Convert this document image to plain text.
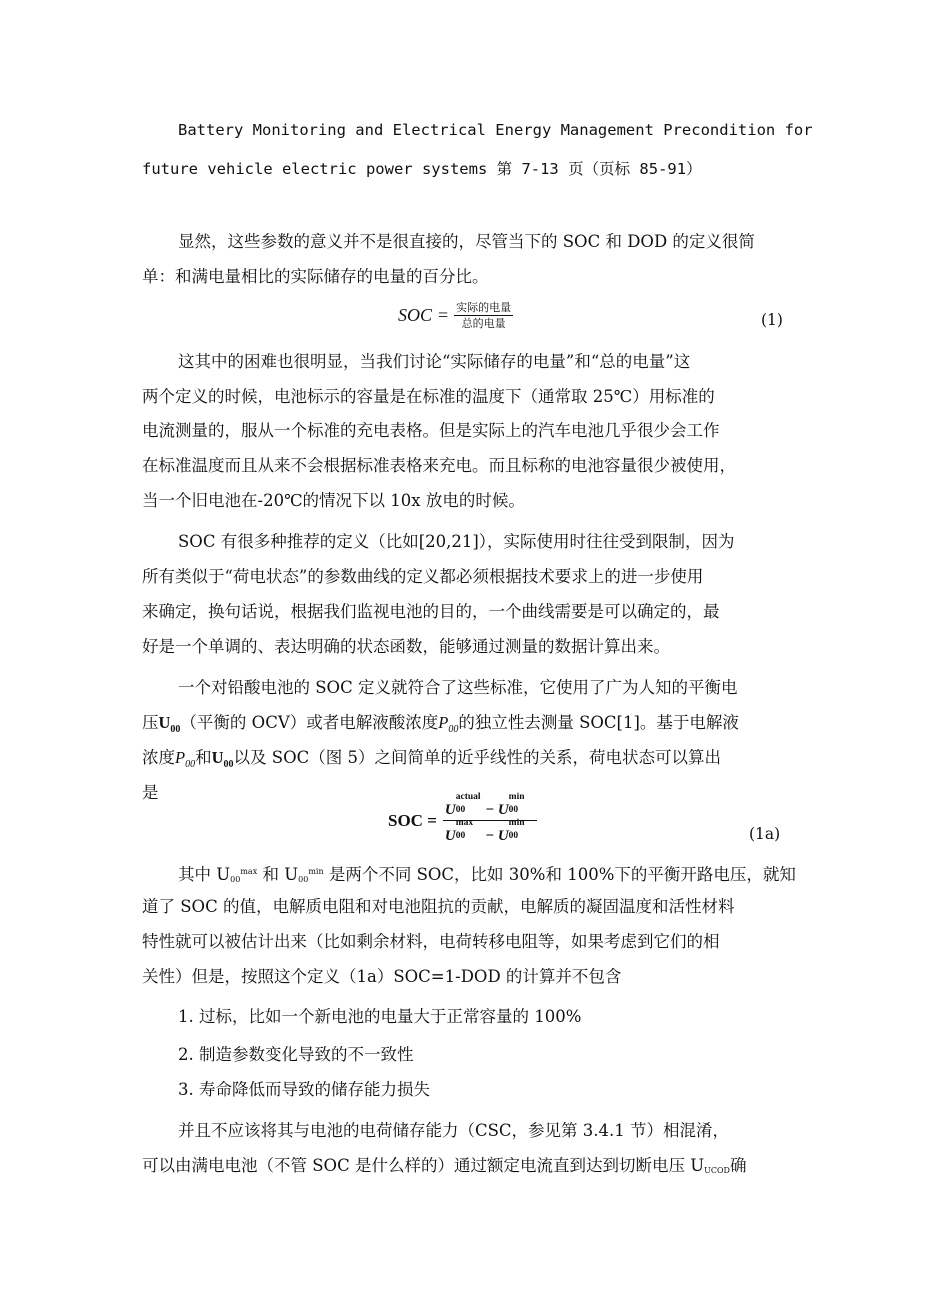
Battery Monitoring and Electrical Energy Management Precondition for
future vehicle electric power systems 第 7-13 页（页标 85-91）
显然，这些参数的意义并不是很直接的，尽管当下的 SOC 和 DOD 的定义很简
单：和满电量相比的实际储存的电量的百分比。
SOC = $\frac{\text{实际的电量}}{\text{总的电量}}$	(1)
这其中的困难也很明显，当我们讨论“实际储存的电量”和“总的电量”这
两个定义的时候，电池标示的容量是在标准的温度下（通常取 25℃）用标准的
电流测量的，服从一个标准的充电表格。但是实际上的汽车电池几乎很少会工作
在标准温度而且从来不会根据标准表格来充电。而且标称的电池容量很少被使用，
当一个旧电池在-20℃的情况下以 10x 放电的时候。
SOC 有很多种推荐的定义（比如[20,21]），实际使用时往往受到限制，因为
所有类似于“荷电状态”的参数曲线的定义都必须根据技术要求上的进一步使用
来确定，换句话说，根据我们监视电池的目的，一个曲线需要是可以确定的，最
好是一个单调的、表达明确的状态函数，能够通过测量的数据计算出来。
一个对铅酸电池的 SOC 定义就符合了这些标准，它使用了广为人知的平衡电
压$U_{00}$（平衡的 OCV）或者电解液酸浓度$P_{00}$的独立性去测量 SOC[1]。基于电解液
浓度$P_{00}$和$U_{00}$以及 SOC（图 5）之间简单的近乎线性的关系，荷电状态可以算出
是
SOC = U
actual
00 − U
min
00
U
max
00 − U
min
00	(1a)
其中 $U00^{max}$ 和 $U00^{min}$ 是两个不同 SOC，比如 30%和 100%下的平衡开路电压，就知
道了 SOC 的值，电解质电阻和对电池阻抗的贡献，电解质的凝固温度和活性材料
特性就可以被估计出来（比如剩余材料，电荷转移电阻等，如果考虑到它们的相
关性）但是，按照这个定义（1a）SOC=1-DOD 的计算并不包含
1. 过标，比如一个新电池的电量大于正常容量的 100%
2. 制造参数变化导致的不一致性
3. 寿命降低而导致的储存能力损失
并且不应该将其与电池的电荷储存能力（CSC，参见第 3.4.1 节）相混淆，
可以由满电电池（不管 SOC 是什么样的）通过额定电流直到达到切断电压 UUCOD确
